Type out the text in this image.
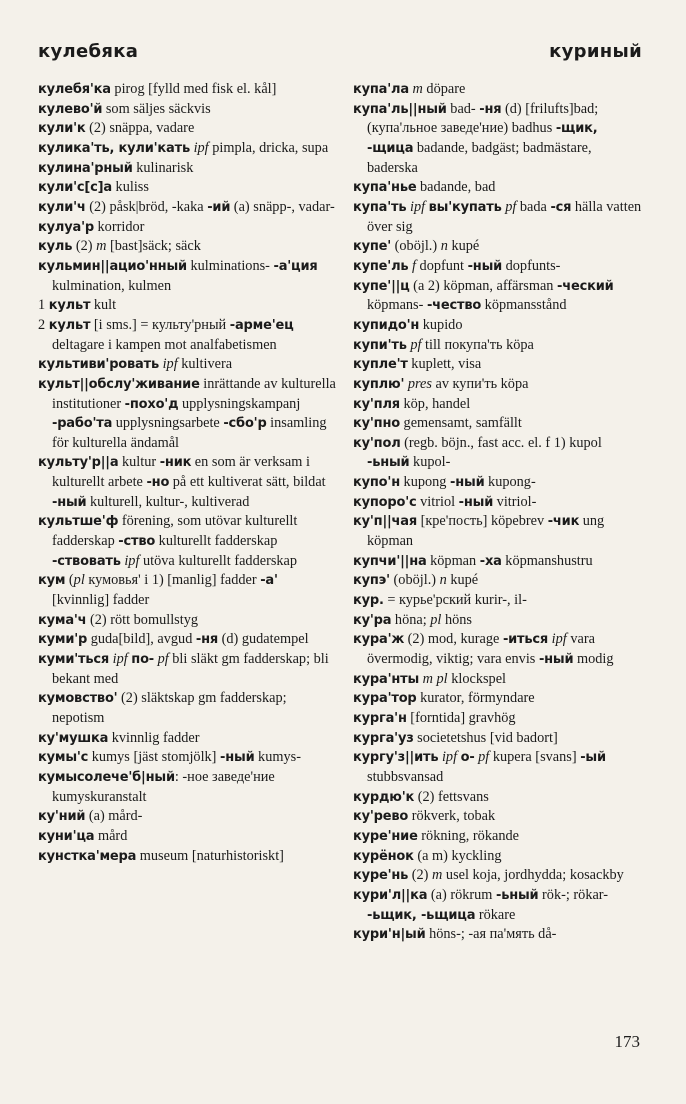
кулебяка	куриный

кулебя'ка pirog [fylld med fisk el. kål]

кулево'й som säljes säckvis

кули'к (2) snäppa, vadare

кулика'ть, кули'кать ipf pimpla, dricka, supa

кулина'рный kulinarisk

кули'с[с]а kuliss

кули'ч (2) påsk|bröd, -kaka -ий (a) snäpp-, vadar-

кулуа'р korridor

куль (2) m [bast]säck; säck

кульмин||ацио'нный kulminations- -а'ция kulmination, kulmen

1 культ kult

2 культ [i sms.] = культу'рный -арме'ец deltagare i kampen mot analfabetismen

культиви'ровать ipf kultivera

культ||обслу'живание inrättande av kulturella institutioner -похо'д upplysningskampanj -рабо'та upplysningsarbete -сбо'р insamling för kulturella ändamål

культу'р||а kultur -ник en som är verksam i kulturellt arbete -но på ett kultiverat sätt, bildat -ный kulturell, kultur-, kultiverad

культше'ф förening, som utövar kulturellt fadderskap -ство kulturellt fadderskap -ствовать ipf utöva kulturellt fadderskap

кум (pl кумовья' i 1) [manlig] fadder -а' [kvinnlig] fadder

кума'ч (2) rött bomullstyg

куми'р guda[bild], avgud -ня (d) gudatempel

куми'ться ipf по- pf bli släkt gm fadderskap; bli bekant med

кумовство' (2) släktskap gm fadderskap; nepotism

ку'мушка kvinnlig fadder

кумы'с kumys [jäst stomjölk] -ный kumys-

кумысолече'б|ный: -ное заведе'ние kumyskuranstalt

ку'ний (a) mård-

куни'ца mård

кунстка'мера museum [naturhistoriskt]

купа'ла m döpare

купа'ль||ный bad- -ня (d) [frilufts]bad; (купа'льное заведе'ние) badhus -щик, -щица badande, badgäst; badmästare, baderska

купа'нье badande, bad

купа'ть ipf вы'купать pf bada -ся hälla vatten över sig

купе' (oböjl.) n kupé

купе'ль f dopfunt -ный dopfunts-

купе'||ц (a 2) köpman, affärsman -ческий köpmans- -чество köpmansstånd

купидо'н kupido

купи'ть pf till покупа'ть köpa

купле'т kuplett, visa

куплю' pres av купи'ть köpa

ку'пля köp, handel

ку'пно gemensamt, samfällt

ку'пол (regb. böjn., fast acc. el. f 1) kupol -ьный kupol-

купо'н kupong -ный kupong-

купоро'с vitriol -ный vitriol-

ку'п||чая [кре'пость] köpebrev -чик ung köpman

купчи'||на köpman -ха köpmanshustru

купэ' (oböjl.) n kupé

кур. = курье'рский kurir-, il-

ку'ра höna; pl höns

кура'ж (2) mod, kurage -иться ipf vara övermodig, viktig; vara envis -ный modig

кура'нты m pl klockspel

кура'тор kurator, förmyndare

курга'н [forntida] gravhög

курга'уз societetshus [vid badort]

кургу'з||ить ipf о- pf kupera [svans] -ый stubbsvansad

курдю'к (2) fettsvans

ку'рево rökverk, tobak

куре'ние rökning, rökande

курёнок (a m) kyckling

куре'нь (2) m usel koja, jordhydda; kosackby

кури'л||ка (a) rökrum -ьный rök-; rökar- -ьщик, -ьщица rökare

кури'н|ый höns-; -ая па'мять då-

173
